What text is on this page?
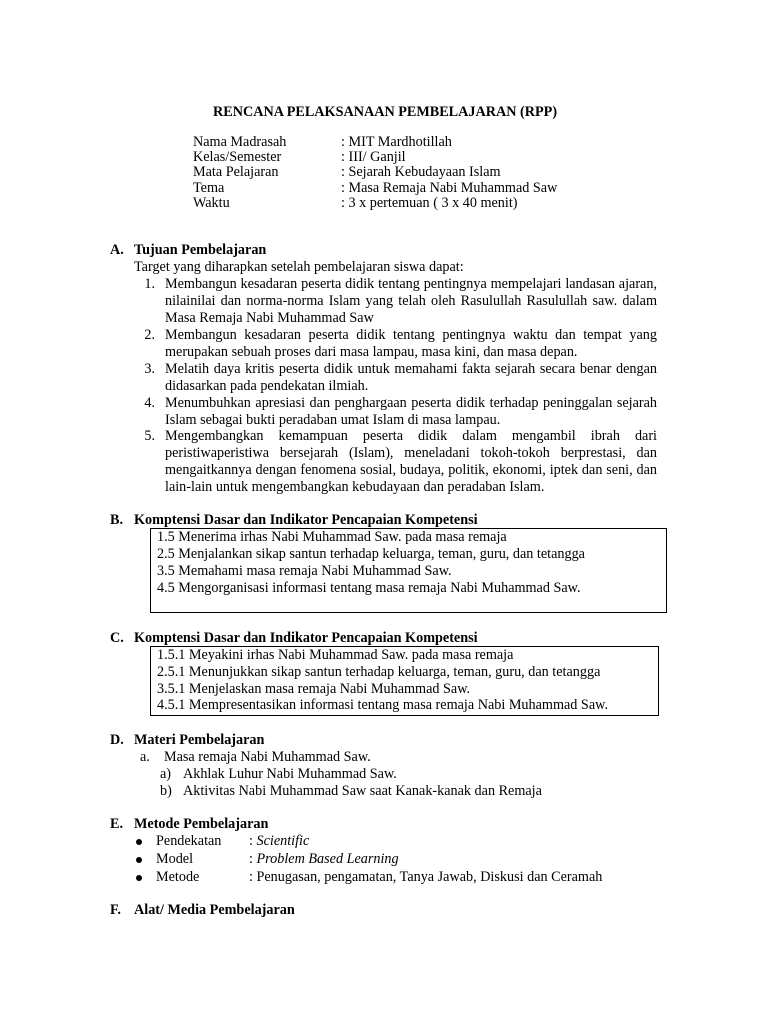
RENCANA PELAKSANAAN PEMBELAJARAN (RPP)
Nama Madrasah	: MIT Mardhotillah
Kelas/Semester	: III/ Ganjil
Mata Pelajaran	: Sejarah Kebudayaan Islam
Tema	: Masa Remaja Nabi Muhammad Saw
Waktu	: 3 x pertemuan ( 3 x 40 menit)
A. Tujuan Pembelajaran
Target yang diharapkan setelah pembelajaran siswa dapat:
1. Membangun kesadaran peserta didik tentang pentingnya mempelajari landasan ajaran, nilainilai dan norma-norma Islam yang telah oleh Rasulullah Rasulullah saw. dalam Masa Remaja Nabi Muhammad Saw
2. Membangun kesadaran peserta didik tentang pentingnya waktu dan tempat yang merupakan sebuah proses dari masa lampau, masa kini, dan masa depan.
3. Melatih daya kritis peserta didik untuk memahami fakta sejarah secara benar dengan didasarkan pada pendekatan ilmiah.
4. Menumbuhkan apresiasi dan penghargaan peserta didik terhadap peninggalan sejarah Islam sebagai bukti peradaban umat Islam di masa lampau.
5. Mengembangkan kemampuan peserta didik dalam mengambil ibrah dari peristiwaperistiwa bersejarah (Islam), meneladani tokoh-tokoh berprestasi, dan mengaitkannya dengan fenomena sosial, budaya, politik, ekonomi, iptek dan seni, dan lain-lain untuk mengembangkan kebudayaan dan peradaban Islam.
B. Komptensi Dasar dan Indikator Pencapaian Kompetensi
1.5 Menerima irhas Nabi Muhammad Saw. pada masa remaja
2.5 Menjalankan sikap santun terhadap keluarga, teman, guru, dan tetangga
3.5 Memahami masa remaja Nabi Muhammad Saw.
4.5 Mengorganisasi informasi tentang masa remaja Nabi Muhammad Saw.
C. Komptensi Dasar dan Indikator Pencapaian Kompetensi
1.5.1 Meyakini irhas Nabi Muhammad Saw. pada masa remaja
2.5.1 Menunjukkan sikap santun terhadap keluarga, teman, guru, dan tetangga
3.5.1 Menjelaskan masa remaja Nabi Muhammad Saw.
4.5.1 Mempresentasikan informasi tentang masa remaja Nabi Muhammad Saw.
D. Materi Pembelajaran
a. Masa remaja Nabi Muhammad Saw.
a) Akhlak Luhur Nabi Muhammad Saw.
b) Aktivitas Nabi Muhammad Saw saat Kanak-kanak dan Remaja
E. Metode Pembelajaran
Pendekatan : Scientific
Model	: Problem Based Learning
Metode	: Penugasan, pengamatan, Tanya Jawab, Diskusi dan Ceramah
F. Alat/ Media Pembelajaran
